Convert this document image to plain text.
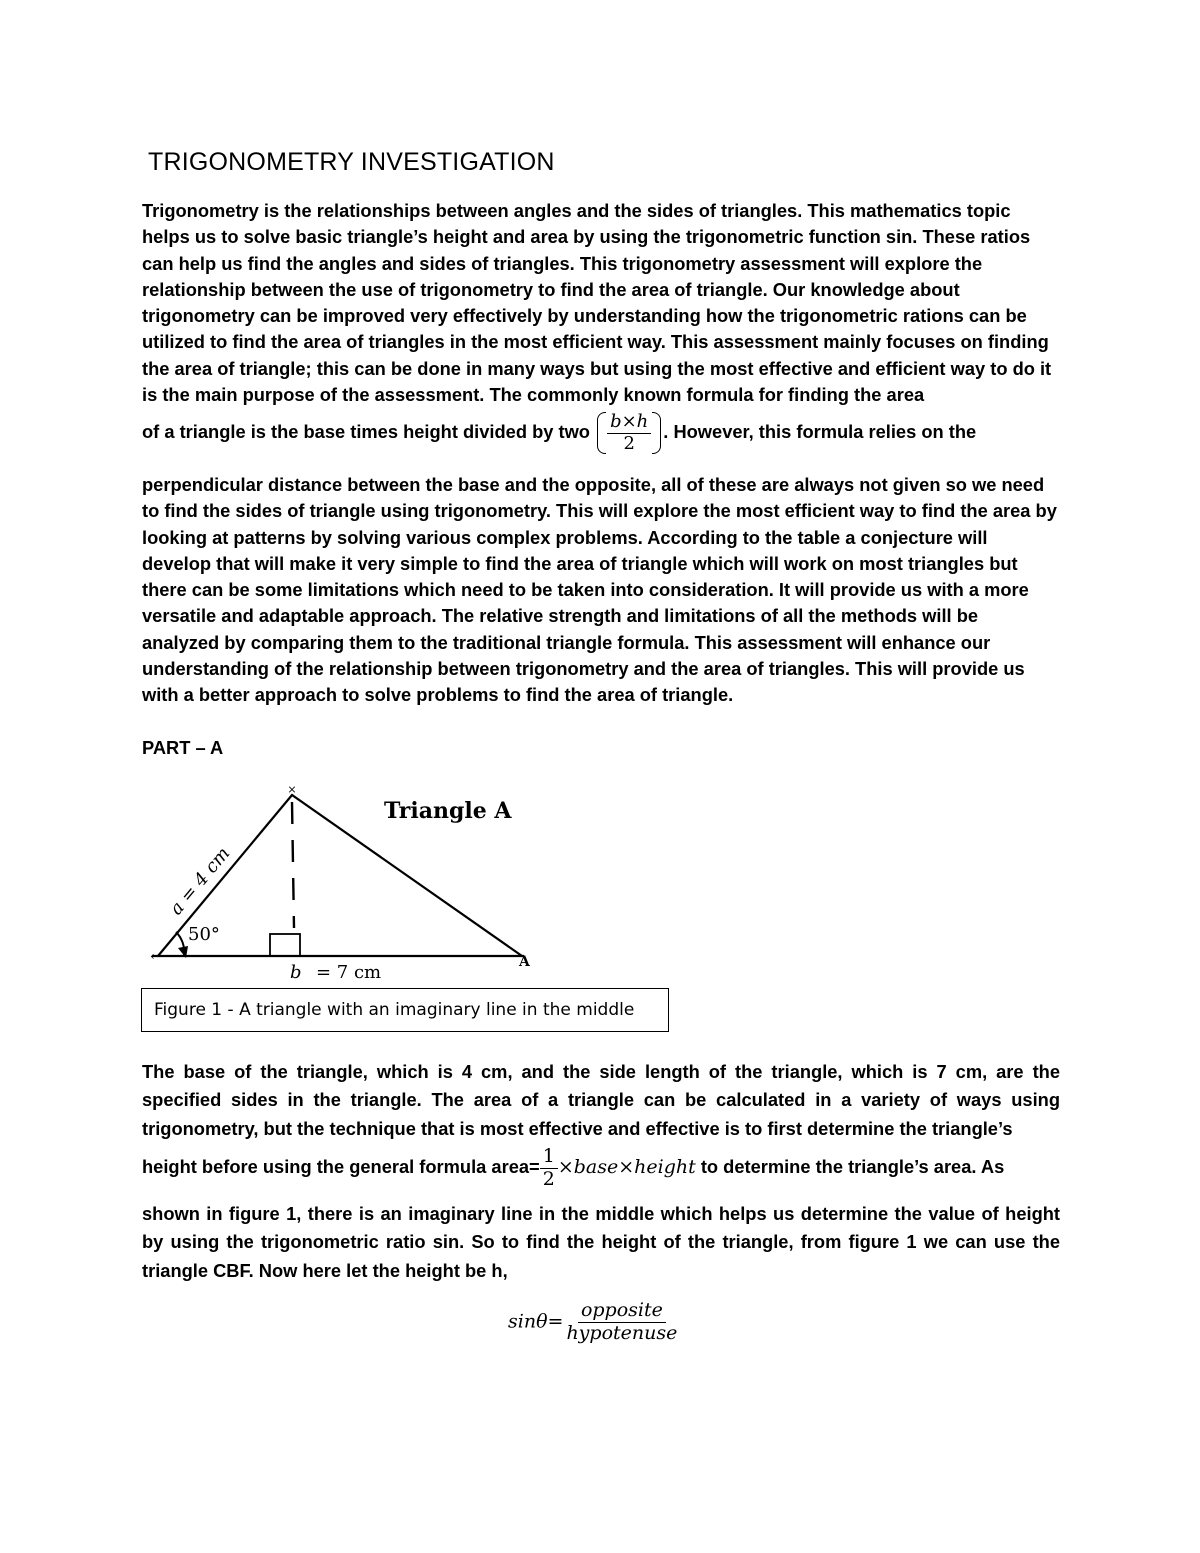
TRIGONOMETRY INVESTIGATION

Trigonometry is the relationships between angles and the sides of triangles. This mathematics topic helps us to solve basic triangle’s height and area by using the trigonometric function sin. These ratios can help us find the angles and sides of triangles. This trigonometry assessment will explore the relationship between the use of trigonometry to find the area of triangle. Our knowledge about trigonometry can be improved very effectively by understanding how the trigonometric rations can be utilized to find the area of triangles in the most efficient way. This assessment mainly focuses on finding the area of triangle; this can be done in many ways but using the most effective and efficient way to do it is the main purpose of the assessment. The commonly known formula for finding the area

of a triangle is the base times height divided by two $\frac{b\times h}{2}$ . However, this formula relies on the

perpendicular distance between the base and the opposite, all of these are always not given so we need to find the sides of triangle using trigonometry. This will explore the most efficient way to find the area by looking at patterns by solving various complex problems. According to the table a conjecture will develop that will make it very simple to find the area of triangle which will work on most triangles but there can be some limitations which need to be taken into consideration. It will provide us with a more versatile and adaptable approach. The relative strength and limitations of all the methods will be analyzed by comparing them to the traditional triangle formula. This assessment will enhance our understanding of the relationship between trigonometry and the area of triangles. This will provide us with a better approach to solve problems to find the area of triangle.

PART – A

×
‹
Triangle A
a = 4 cm
50°
b = 7 cm	A
Figure 1 - A triangle with an imaginary line in the middle

The base of the triangle, which is 4 cm, and the side length of the triangle, which is 7 cm, are the specified sides in the triangle. The area of a triangle can be calculated in a variety of ways using trigonometry, but the technique that is most effective and effective is to first determine the triangle’s

height before using the general formula area= $\frac{1}{2}$ ×base×height to determine the triangle’s area. As

shown in figure 1, there is an imaginary line in the middle which helps us determine the value of height by using the trigonometric ratio sin. So to find the height of the triangle, from figure 1 we can use the triangle CBF. Now here let the height be h,

$\sin\theta= \frac{\text{opposite}}{\text{hypotenuse}}$
